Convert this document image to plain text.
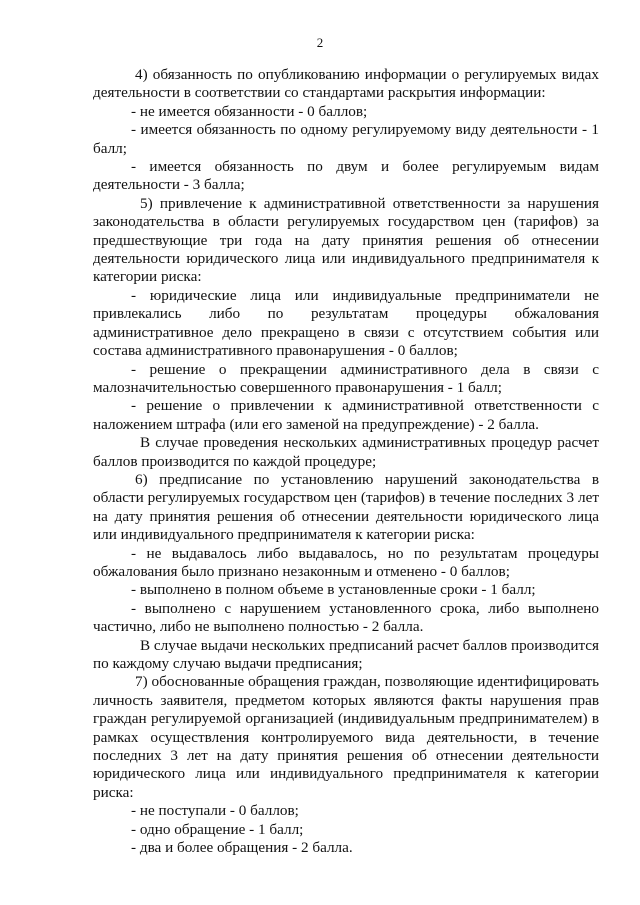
2

4) обязанность по опубликованию информации о регулируемых видах деятельности в соответствии со стандартами раскрытия информации:

- не имеется обязанности - 0 баллов;

- имеется обязанность по одному регулируемому виду деятельности - 1 балл;

- имеется обязанность по двум и более регулируемым видам деятельности - 3 балла;

5) привлечение к административной ответственности за нарушения законодательства в области регулируемых государством цен (тарифов) за предшествующие три года на дату принятия решения об отнесении деятельности юридического лица или индивидуального предпринимателя к категории риска:

- юридические лица или индивидуальные предприниматели не привлекались либо по результатам процедуры обжалования административное дело прекращено в связи с отсутствием события или состава административного правонарушения - 0 баллов;

- решение о прекращении административного дела в связи с малозначительностью совершенного правонарушения - 1 балл;

- решение о привлечении к административной ответственности с наложением штрафа (или его заменой на предупреждение) - 2 балла.

В случае проведения нескольких административных процедур расчет баллов производится по каждой процедуре;

6) предписание по установлению нарушений законодательства в области регулируемых государством цен (тарифов) в течение последних 3 лет на дату принятия решения об отнесении деятельности юридического лица или индивидуального предпринимателя к категории риска:

- не выдавалось либо выдавалось, но по результатам процедуры обжалования было признано незаконным и отменено - 0 баллов;

- выполнено в полном объеме в установленные сроки - 1 балл;

- выполнено с нарушением установленного срока, либо выполнено частично, либо не выполнено полностью - 2 балла.

В случае выдачи нескольких предписаний расчет баллов производится по каждому случаю выдачи предписания;

7) обоснованные обращения граждан, позволяющие идентифицировать личность заявителя, предметом которых являются факты нарушения прав граждан регулируемой организацией (индивидуальным предпринимателем) в рамках осуществления контролируемого вида деятельности, в течение последних 3 лет на дату принятия решения об отнесении деятельности юридического лица или индивидуального предпринимателя к категории риска:

- не поступали - 0 баллов;

- одно обращение - 1 балл;

- два и более обращения - 2 балла.
